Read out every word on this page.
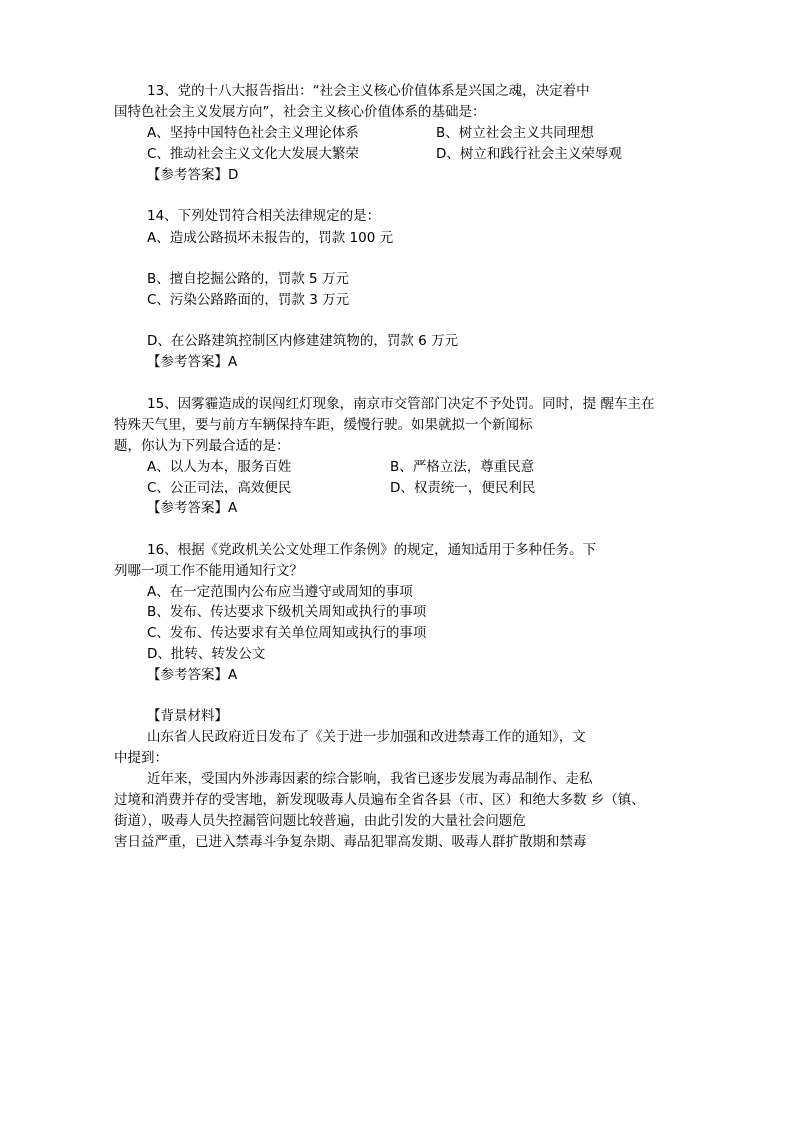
13、党的十八大报告指出：“社会主义核心价值体系是兴国之魂，决定着中
国特色社会主义发展方向”，社会主义核心价值体系的基础是：
A、坚持中国特色社会主义理论体系	B、树立社会主义共同理想
C、推动社会主义文化大发展大繁荣	D、树立和践行社会主义荣辱观
【参考答案】D
14、下列处罚符合相关法律规定的是：
A、造成公路损坏未报告的，罚款 100 元
B、擅自挖掘公路的，罚款 5 万元
C、污染公路路面的，罚款 3 万元
D、在公路建筑控制区内修建建筑物的，罚款 6 万元
【参考答案】A
15、因雾霾造成的误闯红灯现象，南京市交管部门决定不予处罚。同时，提 醒车主在
特殊天气里，要与前方车辆保持车距，缓慢行驶。如果就拟一个新闻标
题，你认为下列最合适的是：
A、以人为本，服务百姓	B、严格立法，尊重民意
C、公正司法，高效便民	D、权责统一，便民利民
【参考答案】A
16、根据《党政机关公文处理工作条例》的规定，通知适用于多种任务。下
列哪一项工作不能用通知行文？
A、在一定范围内公布应当遵守或周知的事项
B、发布、传达要求下级机关周知或执行的事项
C、发布、传达要求有关单位周知或执行的事项
D、批转、转发公文
【参考答案】A
【背景材料】
山东省人民政府近日发布了《关于进一步加强和改进禁毒工作的通知》，文
中提到：
近年来，受国内外涉毒因素的综合影响，我省已逐步发展为毒品制作、走私
过境和消费并存的受害地，新发现吸毒人员遍布全省各县（市、区）和绝大多数 乡（镇、
街道），吸毒人员失控漏管问题比较普遍，由此引发的大量社会问题危
害日益严重，已进入禁毒斗争复杂期、毒品犯罪高发期、吸毒人群扩散期和禁毒
